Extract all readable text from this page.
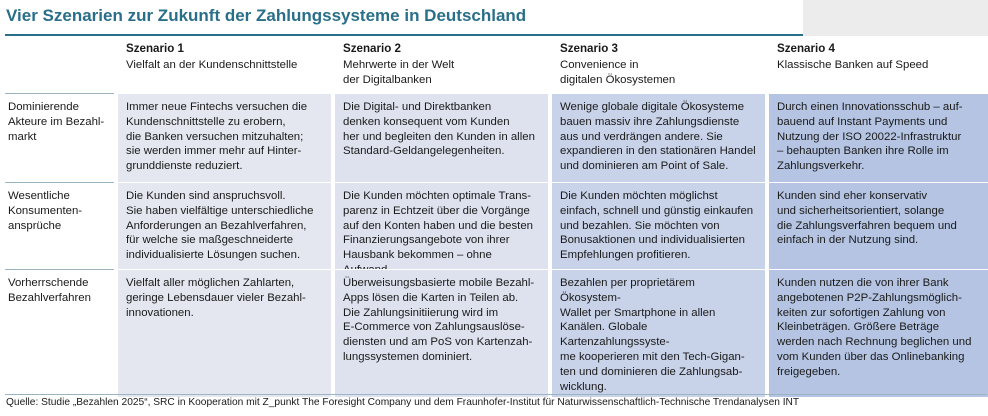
Vier Szenarien zur Zukunft der Zahlungssysteme in Deutschland
Szenario 1
Vielfalt an der Kundenschnittstelle
Szenario 2
Mehrwerte in der Welt
der Digitalbanken
Szenario 3
Convenience in
digitalen Ökosystemen
Szenario 4
Klassische Banken auf Speed
Dominierende
Akteure im Bezahl-
markt
Immer neue Fintechs versuchen die
Kundenschnittstelle zu erobern,
die Banken versuchen mitzuhalten;
sie werden immer mehr auf Hinter-
grunddienste reduziert.
Die Digital- und Direktbanken
denken konsequent vom Kunden
her und begleiten den Kunden in allen
Standard-Geldangelegenheiten.
Wenige globale digitale Ökosysteme
bauen massiv ihre Zahlungsdienste
aus und verdrängen andere. Sie
expandieren in den stationären Handel
und dominieren am Point of Sale.
Durch einen Innovationsschub – auf-
bauend auf Instant Payments und
Nutzung der ISO 20022-Infrastruktur
– behaupten Banken ihre Rolle im
Zahlungsverkehr.
Wesentliche
Konsumenten-
ansprüche
Die Kunden sind anspruchsvoll.
Sie haben vielfältige unterschiedliche
Anforderungen an Bezahlverfahren,
für welche sie maßgeschneiderte
individualisierte Lösungen suchen.
Die Kunden möchten optimale Trans-
parenz in Echtzeit über die Vorgänge
auf den Konten haben und die besten
Finanzierungsangebote von ihrer
Hausbank bekommen – ohne
Die Kunden möchten möglichst
einfach, schnell und günstig einkaufen
und bezahlen. Sie möchten von
Bonusaktionen und individualisierten
Empfehlungen profitieren.
Kunden sind eher konservativ
und sicherheitsorientiert, solange
die Zahlungsverfahren bequem und
einfach in der Nutzung sind.
Vorherrschende
Bezahlverfahren
Vielfalt aller möglichen Zahlarten,
geringe Lebensdauer vieler Bezahl-
innovationen.
Überweisungsbasierte mobile Bezahl-
Apps lösen die Karten in Teilen ab.
Die Zahlungsinitiierung wird im
E-Commerce von Zahlungsauslöse-
diensten und am PoS von Kartenzah-
lungssystemen dominiert.
Bezahlen per proprietärem Ökosystem-
Wallet per Smartphone in allen
Kanälen. Globale Kartenzahlungssyste-
me kooperieren mit den Tech-Gigan-
ten und dominieren die Zahlungsab-
wicklung.
Kunden nutzen die von ihrer Bank
angebotenen P2P-Zahlungsmöglich-
keiten zur sofortigen Zahlung von
Kleinbeträgen. Größere Beträge
werden nach Rechnung beglichen und
vom Kunden über das Onlinebanking
freigegeben.
Quelle: Studie „Bezahlen 2025“, SRC in Kooperation mit Z_punkt The Foresight Company und dem Fraunhofer-Institut für Naturwissenschaftlich-Technische Trendanalysen INT
